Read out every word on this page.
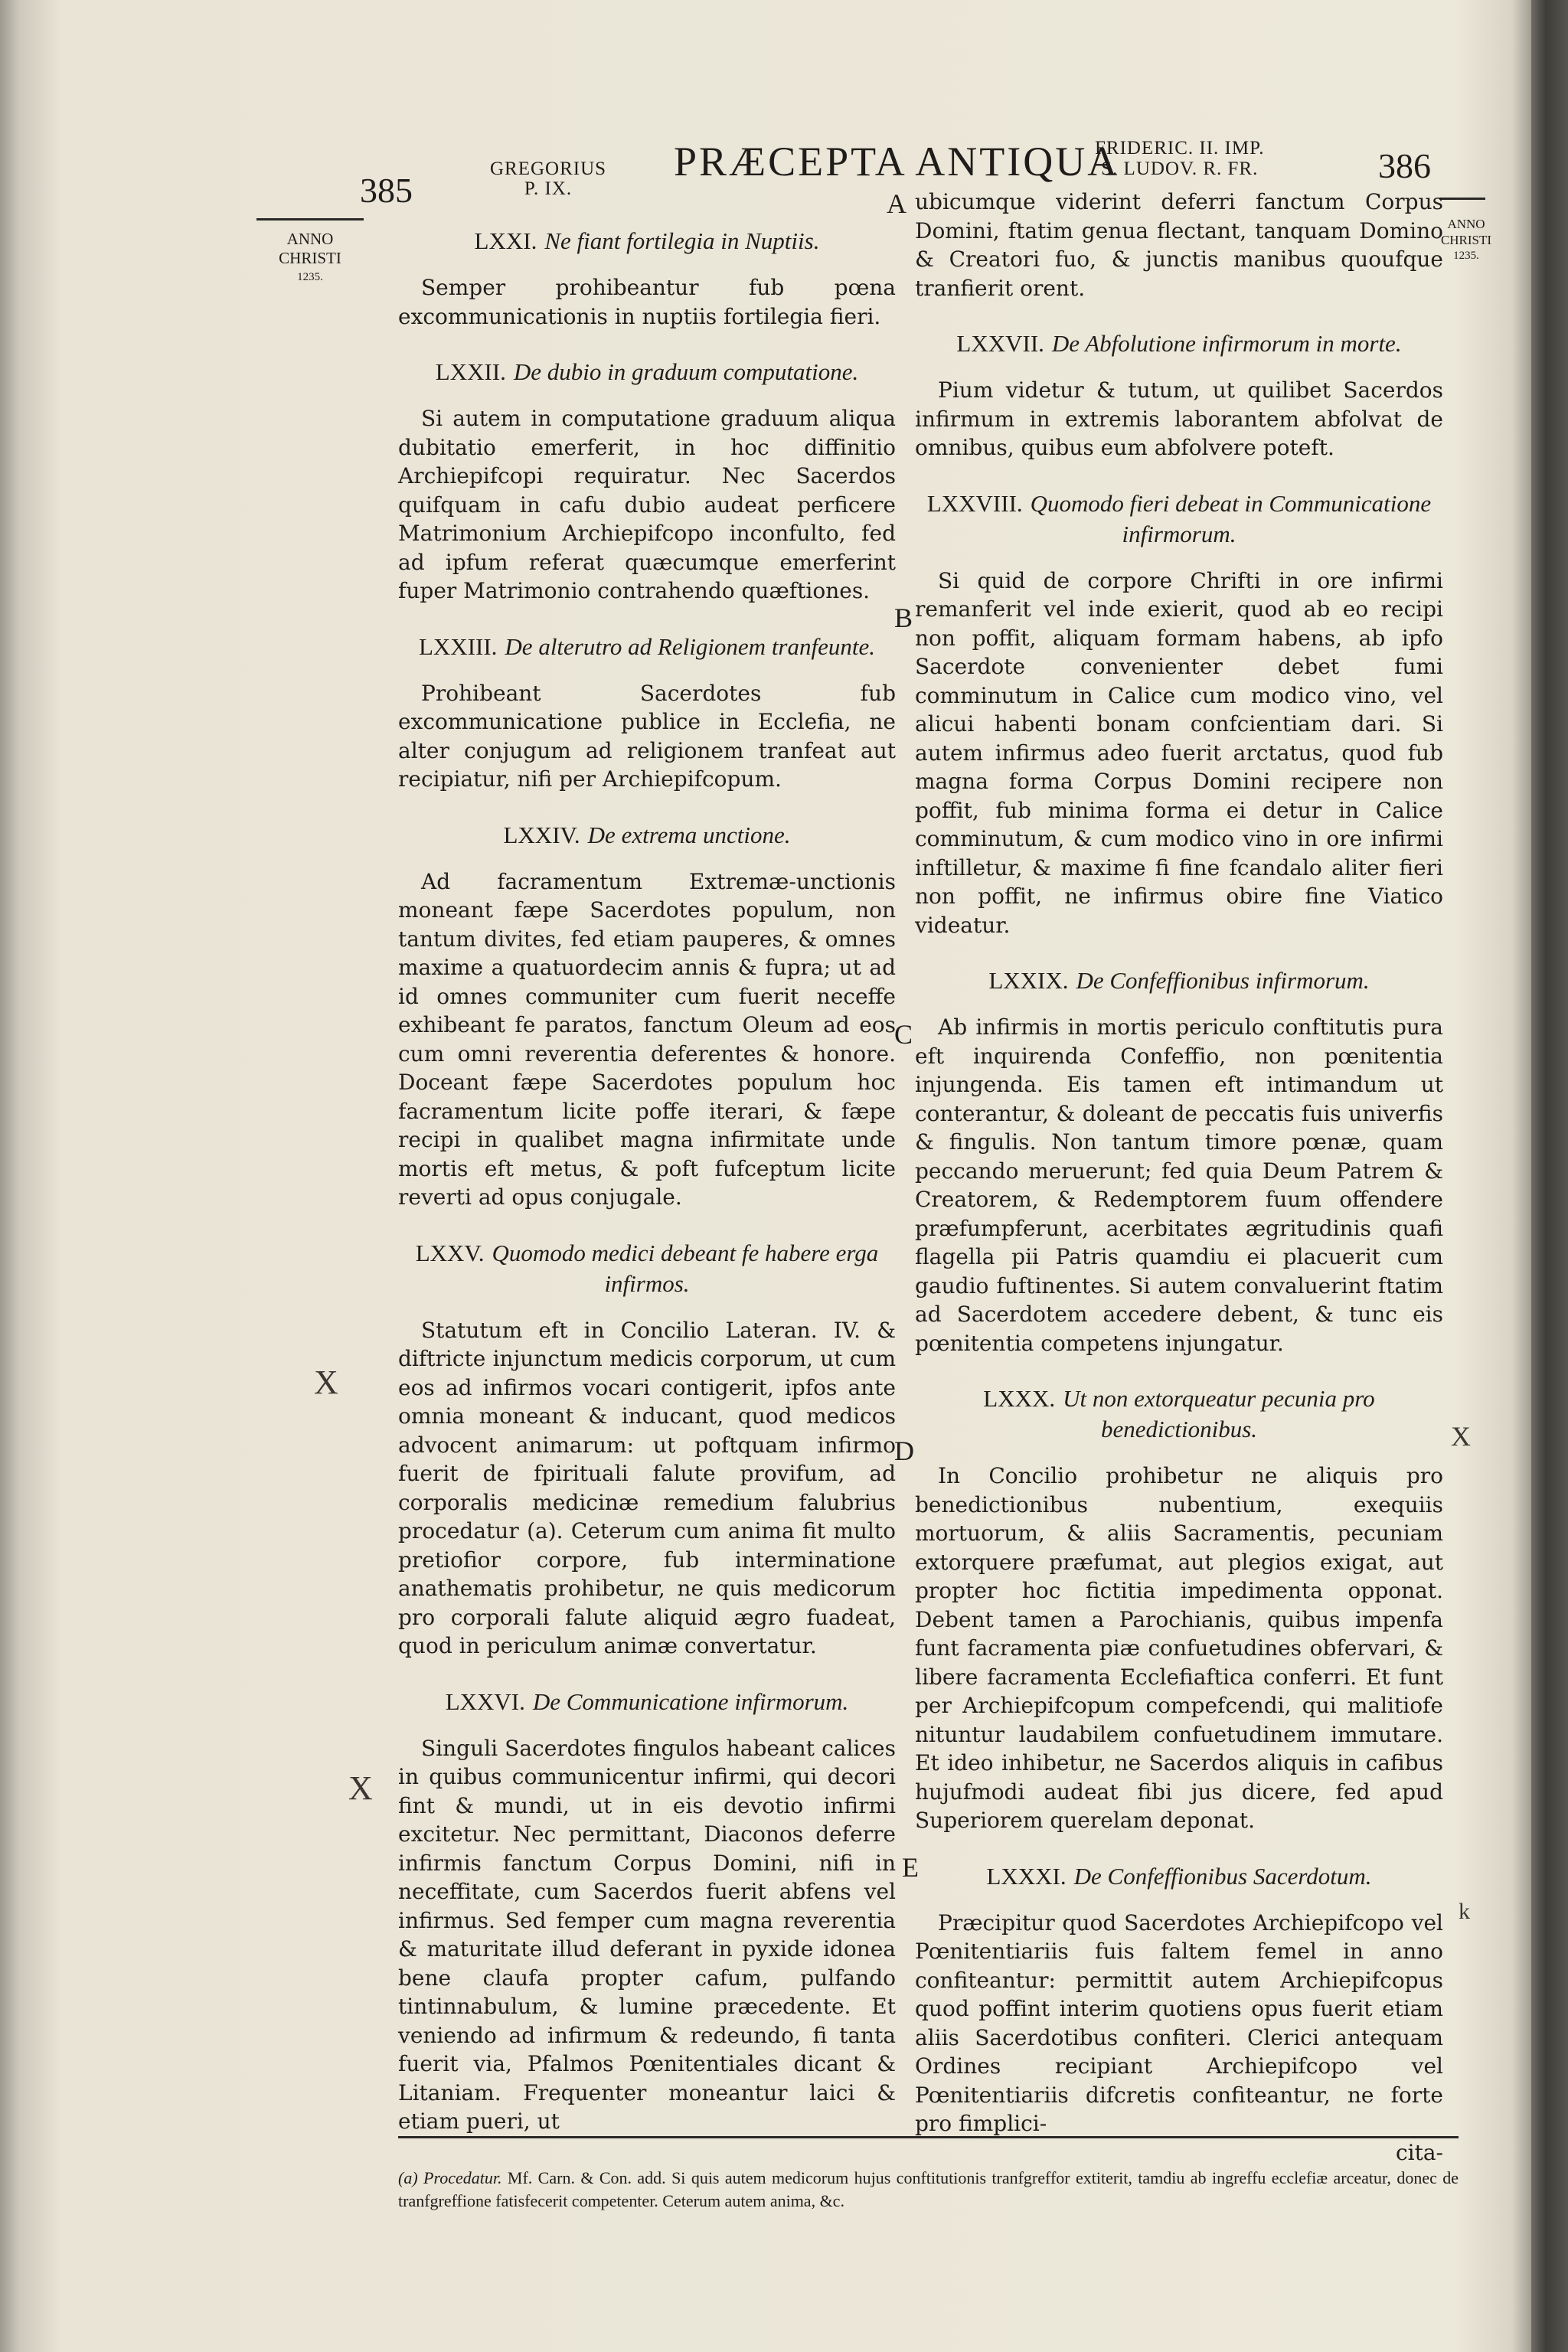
385
GREGORIUS
P. IX.
PRÆCEPTA ANTIQUA
FRIDERIC. II. IMP.
S. LUDOV. R. FR.	386
ANNO
CHRISTI
1235.
ANNO
CHRISTI
1235.
A
B
C
D
E
X
X
X
k
LXXI. Ne fiant fortilegia in Nuptiis.
Semper prohibeantur fub pœna excommunicationis in nuptiis fortilegia fieri.
LXXII. De dubio in graduum computatione.
Si autem in computatione graduum aliqua dubitatio emerferit, in hoc diffinitio Archiepifcopi requiratur. Nec Sacerdos quifquam in cafu dubio audeat perficere Matrimonium Archiepifcopo inconfulto, fed ad ipfum referat quæcumque emerferint fuper Matrimonio contrahendo quæftiones.
LXXIII. De alterutro ad Religionem tranfeunte.
Prohibeant Sacerdotes fub excommunicatione publice in Ecclefia, ne alter conjugum ad religionem tranfeat aut recipiatur, nifi per Archiepifcopum.
LXXIV. De extrema unctione.
Ad facramentum Extremæ-unctionis moneant fæpe Sacerdotes populum, non tantum divites, fed etiam pauperes, & omnes maxime a quatuordecim annis & fupra; ut ad id omnes communiter cum fuerit neceffe exhibeant fe paratos, fanctum Oleum ad eos cum omni reverentia deferentes & honore. Doceant fæpe Sacerdotes populum hoc facramentum licite poffe iterari, & fæpe recipi in qualibet magna infirmitate unde mortis eft metus, & poft fufceptum licite reverti ad opus conjugale.
LXXV. Quomodo medici debeant fe habere erga infirmos.
Statutum eft in Concilio Lateran. IV. & diftricte injunctum medicis corporum, ut cum eos ad infirmos vocari contigerit, ipfos ante omnia moneant & inducant, quod medicos advocent animarum: ut poftquam infirmo fuerit de fpirituali falute provifum, ad corporalis medicinæ remedium falubrius procedatur (a). Ceterum cum anima fit multo pretiofior corpore, fub interminatione anathematis prohibetur, ne quis medicorum pro corporali falute aliquid ægro fuadeat, quod in periculum animæ convertatur.
LXXVI. De Communicatione infirmorum.
Singuli Sacerdotes fingulos habeant calices in quibus communicentur infirmi, qui decori fint & mundi, ut in eis devotio infirmi excitetur. Nec permittant, Diaconos deferre infirmis fanctum Corpus Domini, nifi in neceffitate, cum Sacerdos fuerit abfens vel infirmus. Sed femper cum magna reverentia & maturitate illud deferant in pyxide idonea bene claufa propter cafum, pulfando tintinnabulum, & lumine præcedente. Et veniendo ad infirmum & redeundo, fi tanta fuerit via, Pfalmos Pœnitentiales dicant & Litaniam. Frequenter moneantur laici & etiam pueri, ut
ubicumque viderint deferri fanctum Corpus Domini, ftatim genua flectant, tanquam Domino & Creatori fuo, & junctis manibus quoufque tranfierit orent.
LXXVII. De Abfolutione infirmorum in morte.
Pium videtur & tutum, ut quilibet Sacerdos infirmum in extremis laborantem abfolvat de omnibus, quibus eum abfolvere poteft.
LXXVIII. Quomodo fieri debeat in Communicatione infirmorum.
Si quid de corpore Chrifti in ore infirmi remanferit vel inde exierit, quod ab eo recipi non poffit, aliquam formam habens, ab ipfo Sacerdote convenienter debet fumi comminutum in Calice cum modico vino, vel alicui habenti bonam confcientiam dari. Si autem infirmus adeo fuerit arctatus, quod fub magna forma Corpus Domini recipere non poffit, fub minima forma ei detur in Calice comminutum, & cum modico vino in ore infirmi inftilletur, & maxime fi fine fcandalo aliter fieri non poffit, ne infirmus obire fine Viatico videatur.
LXXIX. De Confeffionibus infirmorum.
Ab infirmis in mortis periculo conftitutis pura eft inquirenda Confeffio, non pœnitentia injungenda. Eis tamen eft intimandum ut conterantur, & doleant de peccatis fuis univerfis & fingulis. Non tantum timore pœnæ, quam peccando meruerunt; fed quia Deum Patrem & Creatorem, & Redemptorem fuum offendere præfumpferunt, acerbitates ægritudinis quafi flagella pii Patris quamdiu ei placuerit cum gaudio fuftinentes. Si autem convaluerint ftatim ad Sacerdotem accedere debent, & tunc eis pœnitentia competens injungatur.
LXXX. Ut non extorqueatur pecunia pro benedictionibus.
In Concilio prohibetur ne aliquis pro benedictionibus nubentium, exequiis mortuorum, & aliis Sacramentis, pecuniam extorquere præfumat, aut plegios exigat, aut propter hoc fictitia impedimenta opponat. Debent tamen a Parochianis, quibus impenfa funt facramenta piæ confuetudines obfervari, & libere facramenta Ecclefiaftica conferri. Et funt per Archiepifcopum compefcendi, qui malitiofe nituntur laudabilem confuetudinem immutare. Et ideo inhibetur, ne Sacerdos aliquis in cafibus hujufmodi audeat fibi jus dicere, fed apud Superiorem querelam deponat.
LXXXI. De Confeffionibus Sacerdotum.
Præcipitur quod Sacerdotes Archiepifcopo vel Pœnitentiariis fuis faltem femel in anno confiteantur: permittit autem Archiepifcopus quod poffint interim quotiens opus fuerit etiam aliis Sacerdotibus confiteri. Clerici antequam Ordines recipiant Archiepifcopo vel Pœnitentiariis difcretis confiteantur, ne forte pro fimplici-
cita-
(a) Procedatur. Mf. Carn. & Con. add. Si quis autem medicorum hujus conftitutionis tranfgreffor extiterit, tamdiu ab ingreffu ecclefiæ arceatur, donec de tranfgreffione fatisfecerit competenter. Ceterum autem anima, &c.
